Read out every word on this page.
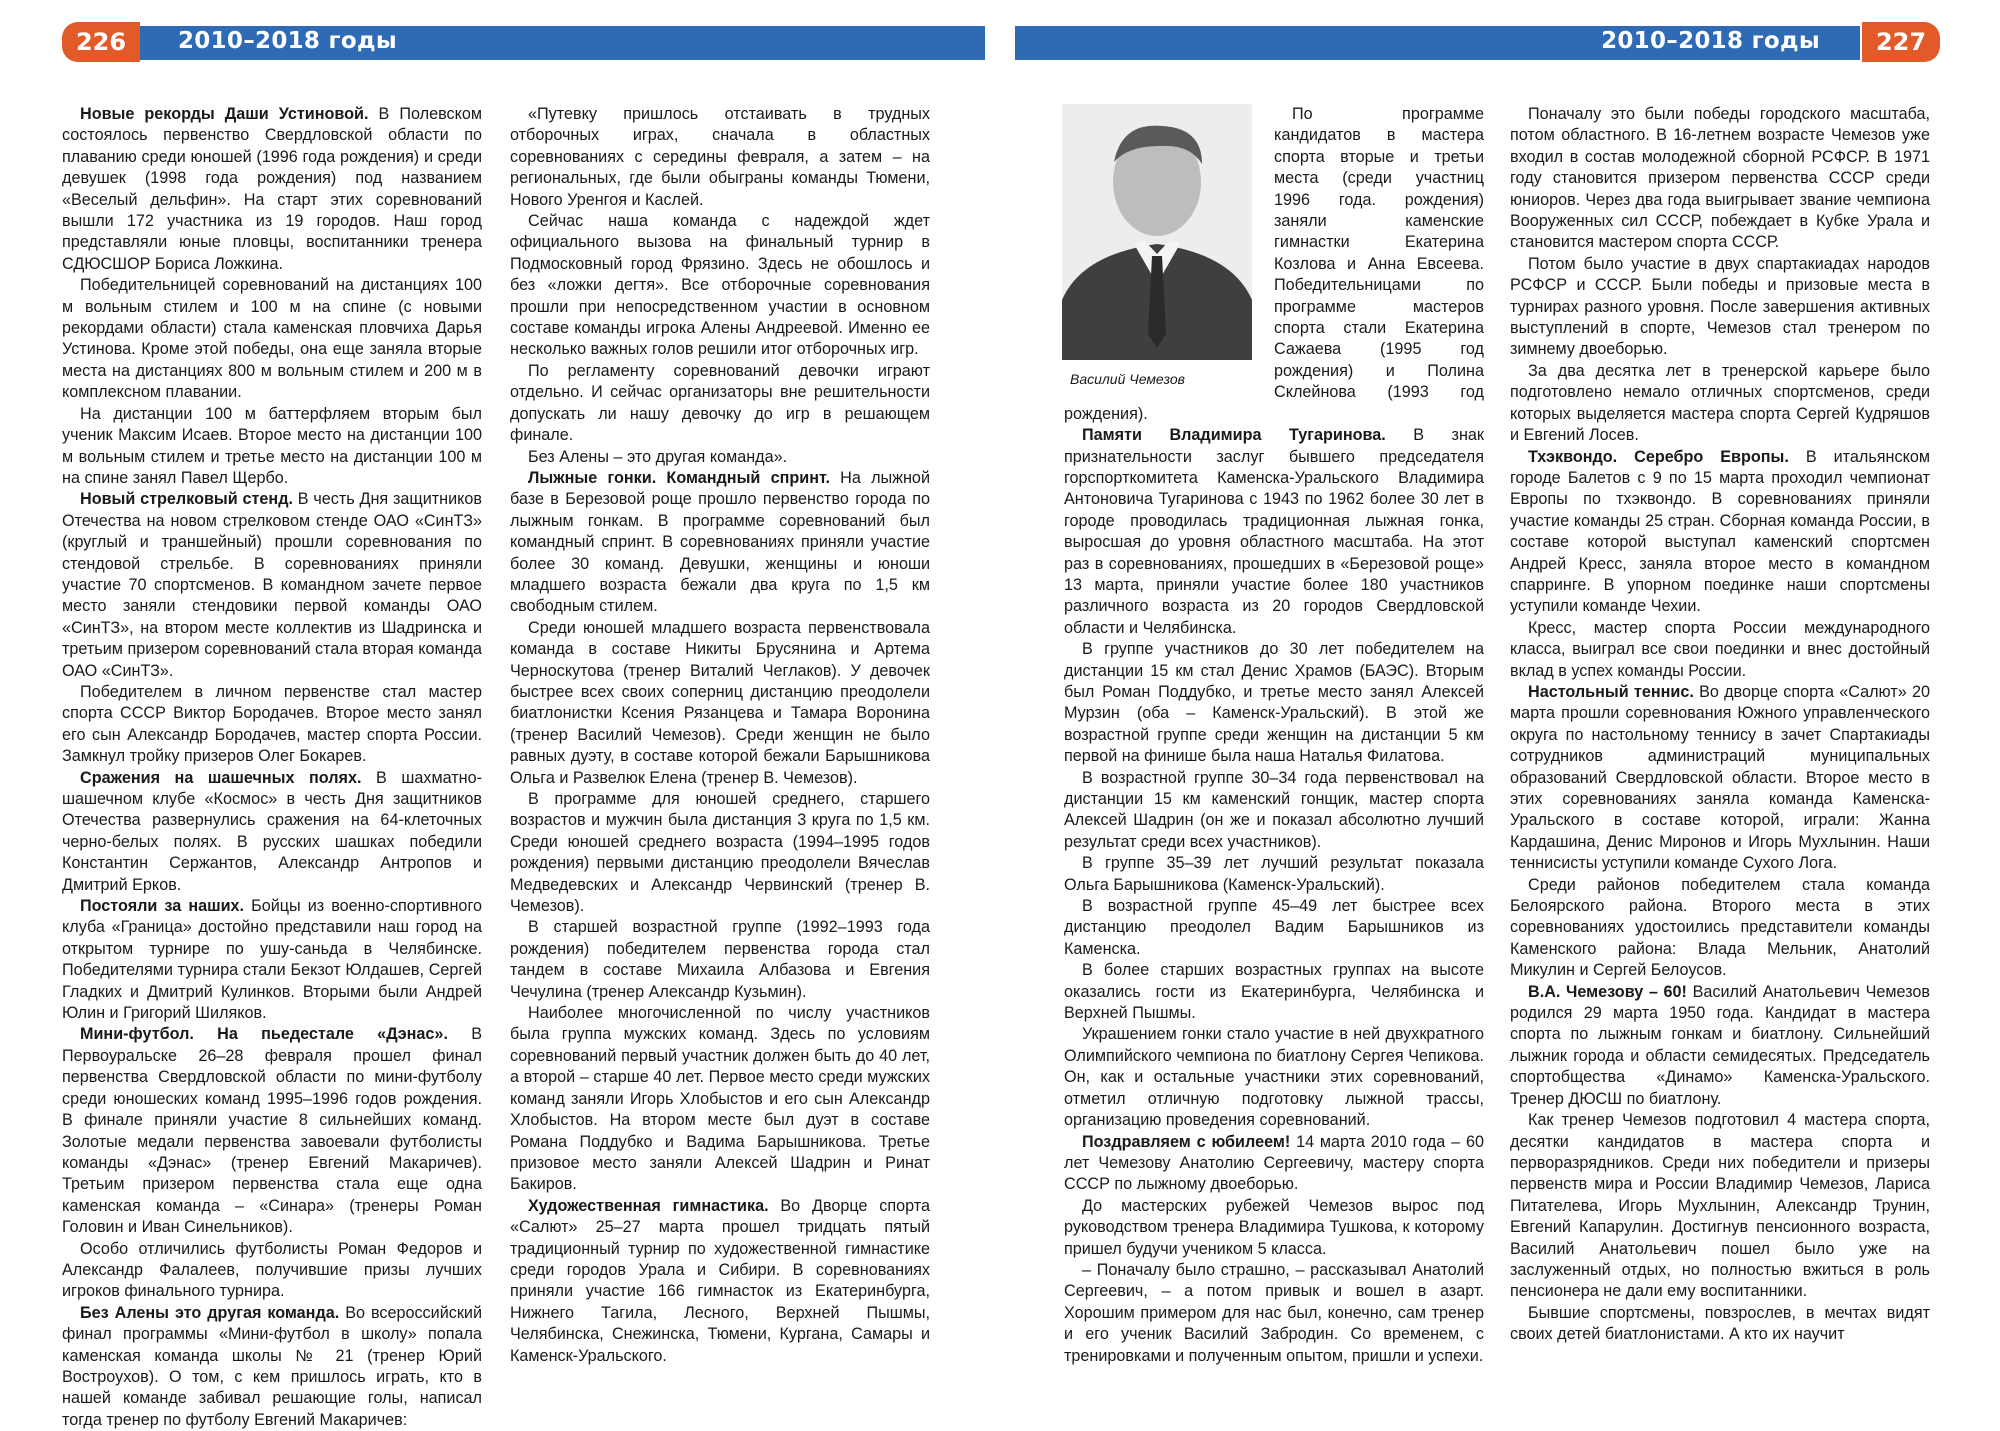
2010–2018 годы
226	2010–2018 годы	227

Новые рекорды Даши Устиновой. В Полевском состоялось первенство Свердловской области по плаванию среди юношей (1996 года рождения) и среди девушек (1998 года рождения) под названием «Веселый дельфин». На старт этих соревнований вышли 172 участника из 19 городов. Наш город представляли юные пловцы, воспитанники тренера СДЮСШОР Бориса Ложкина.

Победительницей соревнований на дистанциях 100 м вольным стилем и 100 м на спине (с новыми рекордами области) стала каменская пловчиха Дарья Устинова. Кроме этой победы, она еще заняла вторые места на дистанциях 800 м вольным стилем и 200 м в комплексном плавании.

На дистанции 100 м баттерфляем вторым был ученик Максим Исаев. Второе место на дистанции 100 м вольным стилем и третье место на дистанции 100 м на спине занял Павел Щербо.

Новый стрелковый стенд. В честь Дня защитников Отечества на новом стрелковом стенде ОАО «СинТЗ» (круглый и траншейный) прошли соревнования по стендовой стрельбе. В соревнованиях приняли участие 70 спортсменов. В командном зачете первое место заняли стендовики первой команды ОАО «СинТЗ», на втором месте коллектив из Шадринска и третьим призером соревнований стала вторая команда ОАО «СинТЗ».

Победителем в личном первенстве стал мастер спорта СССР Виктор Бородачев. Второе место занял его сын Александр Бородачев, мастер спорта России. Замкнул тройку призеров Олег Бокарев.

Сражения на шашечных полях. В шахматно-шашечном клубе «Космос» в честь Дня защитников Отечества развернулись сражения на 64-клеточных черно-белых полях. В русских шашках победили Константин Сержантов, Александр Антропов и Дмитрий Ерков.

Постояли за наших. Бойцы из военно-спортивного клуба «Граница» достойно представили наш город на открытом турнире по ушу-саньда в Челябинске. Победителями турнира стали Бекзот Юлдашев, Сергей Гладких и Дмитрий Кулинков. Вторыми были Андрей Юлин и Григорий Шиляков.

Мини-футбол. На пьедестале «Дэнас». В Первоуральске 26–28 февраля прошел финал первенства Свердловской области по мини-футболу среди юношеских команд 1995–1996 годов рождения. В финале приняли участие 8 сильнейших команд. Золотые медали первенства завоевали футболисты команды «Дэнас» (тренер Евгений Макаричев). Третьим призером первенства стала еще одна каменская команда – «Синара» (тренеры Роман Головин и Иван Синельников).

Особо отличились футболисты Роман Федоров и Александр Фалалеев, получившие призы лучших игроков финального турнира.

Без Алены это другая команда. Во всероссийский финал программы «Мини-футбол в школу» попала каменская команда школы № 21 (тренер Юрий Востроухов). О том, с кем пришлось играть, кто в нашей команде забивал решающие голы, написал тогда тренер по футболу Евгений Макаричев:

«Путевку пришлось отстаивать в трудных отборочных играх, сначала в областных соревнованиях с середины февраля, а затем – на региональных, где были обыграны команды Тюмени, Нового Уренгоя и Каслей.

Сейчас наша команда с надеждой ждет официального вызова на финальный турнир в Подмосковный город Фрязино. Здесь не обошлось и без «ложки дегтя». Все отборочные соревнования прошли при непосредственном участии в основном составе команды игрока Алены Андреевой. Именно ее несколько важных голов решили итог отборочных игр.

По регламенту соревнований девочки играют отдельно. И сейчас организаторы вне решительности допускать ли нашу девочку до игр в решающем финале.

Без Алены – это другая команда».

Лыжные гонки. Командный спринт. На лыжной базе в Березовой роще прошло первенство города по лыжным гонкам. В программе соревнований был командный спринт. В соревнованиях приняли участие более 30 команд. Девушки, женщины и юноши младшего возраста бежали два круга по 1,5 км свободным стилем.

Среди юношей младшего возраста первенствовала команда в составе Никиты Брусянина и Артема Черноскутова (тренер Виталий Чеглаков). У девочек быстрее всех своих соперниц дистанцию преодолели биатлонистки Ксения Рязанцева и Тамара Воронина (тренер Василий Чемезов). Среди женщин не было равных дуэту, в составе которой бежали Барышникова Ольга и Развелюк Елена (тренер В. Чемезов).

В программе для юношей среднего, старшего возрастов и мужчин была дистанция 3 круга по 1,5 км. Среди юношей среднего возраста (1994–1995 годов рождения) первыми дистанцию преодолели Вячеслав Медведевских и Александр Червинский (тренер В. Чемезов).

В старшей возрастной группе (1992–1993 года рождения) победителем первенства города стал тандем в составе Михаила Албазова и Евгения Чечулина (тренер Александр Кузьмин).

Наиболее многочисленной по числу участников была группа мужских команд. Здесь по условиям соревнований первый участник должен быть до 40 лет, а второй – старше 40 лет. Первое место среди мужских команд заняли Игорь Хлобыстов и его сын Александр Хлобыстов. На втором месте был дуэт в составе Романа Поддубко и Вадима Барышникова. Третье призовое место заняли Алексей Шадрин и Ринат Бакиров.

Художественная гимнастика. Во Дворце спорта «Салют» 25–27 марта прошел тридцать пятый традиционный турнир по художественной гимнастике среди городов Урала и Сибири. В соревнованиях приняли участие 166 гимнасток из Екатеринбурга, Нижнего Тагила, Лесного, Верхней Пышмы, Челябинска, Снежинска, Тюмени, Кургана, Самары и Каменск-Уральского.

Василий Чемезов

По программе кандидатов в мастера спорта вторые и третьи места (среди участниц 1996 года. рождения) заняли каменские гимнастки Екатерина Козлова и Анна Евсеева. Победительницами по программе мастеров спорта стали Екатерина Сажаева (1995 год рождения) и Полина Склейнова (1993 год рождения).

Памяти Владимира Тугаринова. В знак признательности заслуг бывшего председателя горспорткомитета Каменска-Уральского Владимира Антоновича Тугаринова с 1943 по 1962 более 30 лет в городе проводилась традиционная лыжная гонка, выросшая до уровня областного масштаба. На этот раз в соревнованиях, прошедших в «Березовой роще» 13 марта, приняли участие более 180 участников различного возраста из 20 городов Свердловской области и Челябинска.

В группе участников до 30 лет победителем на дистанции 15 км стал Денис Храмов (БАЭС). Вторым был Роман Поддубко, и третье место занял Алексей Мурзин (оба – Каменск-Уральский). В этой же возрастной группе среди женщин на дистанции 5 км первой на финише была наша Наталья Филатова.

В возрастной группе 30–34 года первенствовал на дистанции 15 км каменский гонщик, мастер спорта Алексей Шадрин (он же и показал абсолютно лучший результат среди всех участников).

В группе 35–39 лет лучший результат показала Ольга Барышникова (Каменск-Уральский).

В возрастной группе 45–49 лет быстрее всех дистанцию преодолел Вадим Барышников из Каменска.

В более старших возрастных группах на высоте оказались гости из Екатеринбурга, Челябинска и Верхней Пышмы.

Украшением гонки стало участие в ней двухкратного Олимпийского чемпиона по биатлону Сергея Чепикова. Он, как и остальные участники этих соревнований, отметил отличную подготовку лыжной трассы, организацию проведения соревнований.

Поздравляем с юбилеем! 14 марта 2010 года – 60 лет Чемезову Анатолию Сергеевичу, мастеру спорта СССР по лыжному двоеборью.

До мастерских рубежей Чемезов вырос под руководством тренера Владимира Тушкова, к которому пришел будучи учеником 5 класса.

– Поначалу было страшно, – рассказывал Анатолий Сергеевич, – а потом привык и вошел в азарт. Хорошим примером для нас был, конечно, сам тренер и его ученик Василий Забродин. Со временем, с тренировками и полученным опытом, пришли и успехи.

Поначалу это были победы городского масштаба, потом областного. В 16-летнем возрасте Чемезов уже входил в состав молодежной сборной РСФСР. В 1971 году становится призером первенства СССР среди юниоров. Через два года выигрывает звание чемпиона Вооруженных сил СССР, побеждает в Кубке Урала и становится мастером спорта СССР.

Потом было участие в двух спартакиадах народов РСФСР и СССР. Были победы и призовые места в турнирах разного уровня. После завершения активных выступлений в спорте, Чемезов стал тренером по зимнему двоеборью.

За два десятка лет в тренерской карьере было подготовлено немало отличных спортсменов, среди которых выделяется мастера спорта Сергей Кудряшов и Евгений Лосев.

Тхэквондо. Серебро Европы. В итальянском городе Балетов с 9 по 15 марта проходил чемпионат Европы по тхэквондо. В соревнованиях приняли участие команды 25 стран. Сборная команда России, в составе которой выступал каменский спортсмен Андрей Кресс, заняла второе место в командном спарринге. В упорном поединке наши спортсмены уступили команде Чехии.

Кресс, мастер спорта России международного класса, выиграл все свои поединки и внес достойный вклад в успех команды России.

Настольный теннис. Во дворце спорта «Салют» 20 марта прошли соревнования Южного управленческого округа по настольному теннису в зачет Спартакиады сотрудников администраций муниципальных образований Свердловской области. Второе место в этих соревнованиях заняла команда Каменска-Уральского в составе которой, играли: Жанна Кардашина, Денис Миронов и Игорь Мухлынин. Наши теннисисты уступили команде Сухого Лога.

Среди районов победителем стала команда Белоярского района. Второго места в этих соревнованиях удостоились представители команды Каменского района: Влада Мельник, Анатолий Микулин и Сергей Белоусов.

В.А. Чемезову – 60! Василий Анатольевич Чемезов родился 29 марта 1950 года. Кандидат в мастера спорта по лыжным гонкам и биатлону. Сильнейший лыжник города и области семидесятых. Председатель спортобщества «Динамо» Каменска-Уральского. Тренер ДЮСШ по биатлону.

Как тренер Чемезов подготовил 4 мастера спорта, десятки кандидатов в мастера спорта и перворазрядников. Среди них победители и призеры первенств мира и России Владимир Чемезов, Лариса Питателева, Игорь Мухлынин, Александр Трунин, Евгений Капарулин. Достигнув пенсионного возраста, Василий Анатольевич пошел было уже на заслуженный отдых, но полностью вжиться в роль пенсионера не дали ему воспитанники.

Бывшие спортсмены, повзрослев, в мечтах видят своих детей биатлонистами. А кто их научит
